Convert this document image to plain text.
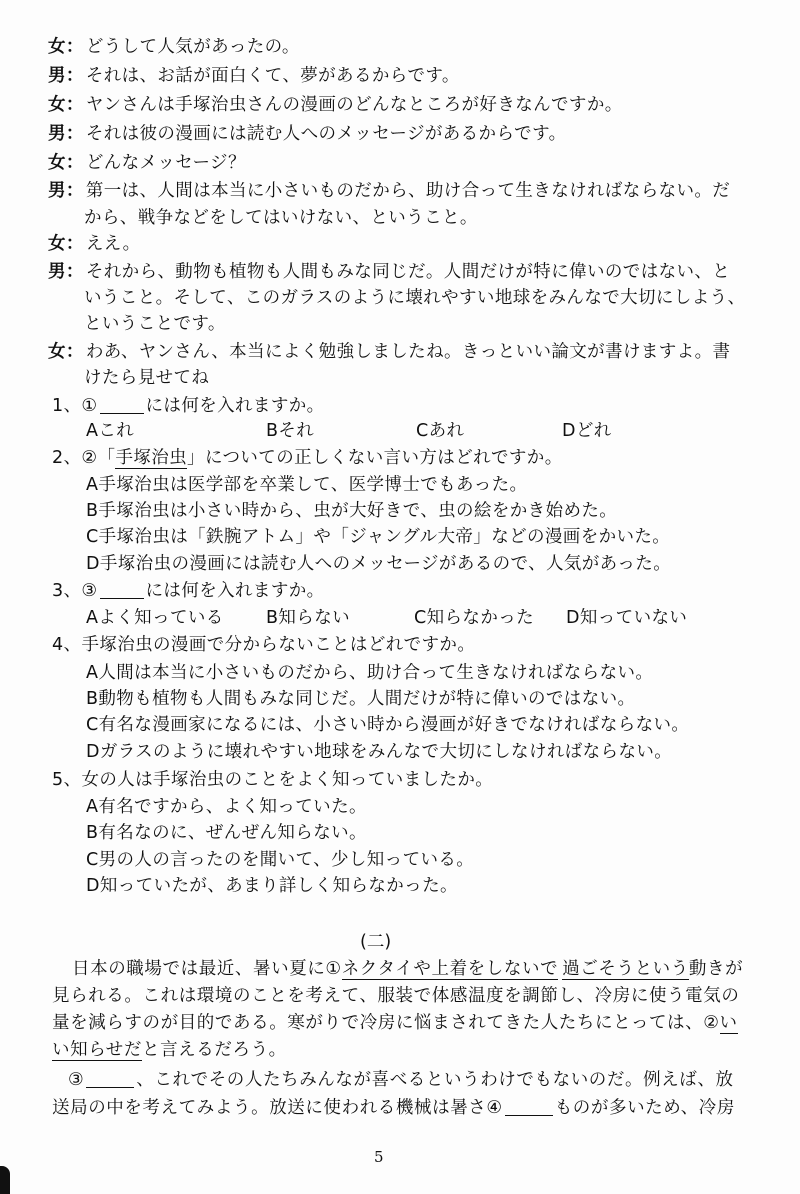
女： どうして人気があったの。
男： それは、お話が面白くて、夢があるからです。
女： ヤンさんは手塚治虫さんの漫画のどんなところが好きなんですか。
男： それは彼の漫画には読む人へのメッセージがあるからです。
女： どんなメッセージ？
男： 第一は、人間は本当に小さいものだから、助け合って生きなければならない。だ
から、戦争などをしてはいけない、ということ。
女： ええ。
男： それから、動物も植物も人間もみな同じだ。人間だけが特に偉いのではない、と
いうこと。そして、このガラスのように壊れやすい地球をみんなで大切にしよう、
ということです。
女： わあ、ヤンさん、本当によく勉強しましたね。きっといい論文が書けますよ。書
けたら見せてね
1、①	には何を入れますか。
Aこれ	Bそれ	Cあれ	Dどれ
2、②「手塚治虫」についての正しくない言い方はどれですか。
A手塚治虫は医学部を卒業して、医学博士でもあった。
B手塚治虫は小さい時から、虫が大好きで、虫の絵をかき始めた。
C手塚治虫は「鉄腕アトム」や「ジャングル大帝」などの漫画をかいた。
D手塚治虫の漫画には読む人へのメッセージがあるので、人気があった。
3、③	には何を入れますか。
Aよく知っている B知らない	C知らなかった D知っていない
4、手塚治虫の漫画で分からないことはどれですか。
A人間は本当に小さいものだから、助け合って生きなければならない。
B動物も植物も人間もみな同じだ。人間だけが特に偉いのではない。
C有名な漫画家になるには、小さい時から漫画が好きでなければならない。
Dガラスのように壊れやすい地球をみんなで大切にしなければならない。
5、女の人は手塚治虫のことをよく知っていましたか。
A有名ですから、よく知っていた。
B有名なのに、ぜんぜん知らない。
C男の人の言ったのを聞いて、少し知っている。
D知っていたが、あまり詳しく知らなかった。
(二)
日本の職場では最近、暑い夏に①ネクタイや上着をしないで 過ごそうという動きが
見られる。これは環境のことを考えて、服装で体感温度を調節し、冷房に使う電気の
量を減らすのが目的である。寒がりで冷房に悩まされてきた人たちにとっては、②い
い知らせだと言えるだろう。
③	、これでその人たちみんなが喜べるというわけでもないのだ。例えば、放
送局の中を考えてみよう。放送に使われる機械は暑さ④	ものが多いため、冷房
5
